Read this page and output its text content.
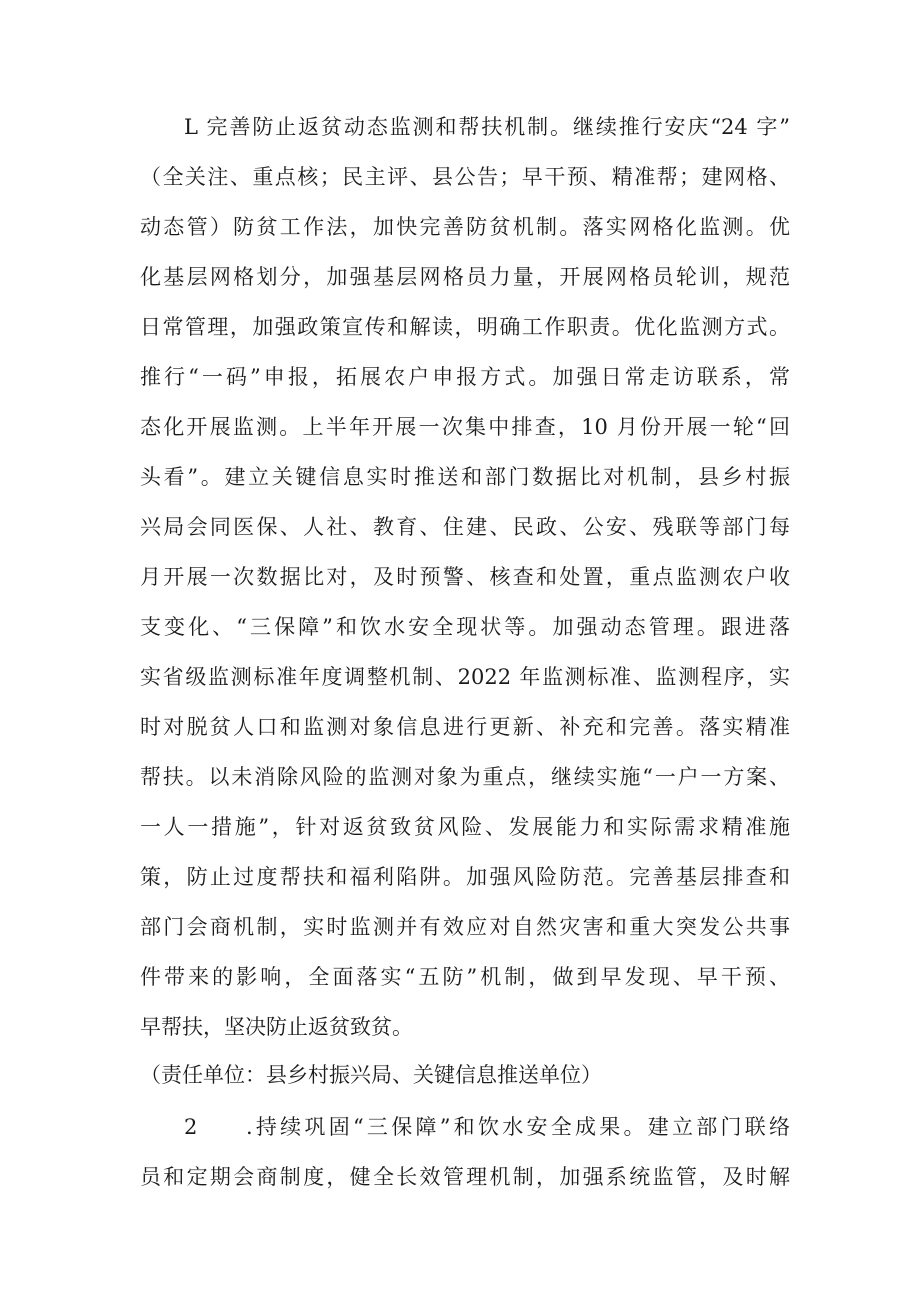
L 完善防止返贫动态监测和帮扶机制。继续推行安庆“24 字”
（全关注、重点核；民主评、县公告；早干预、精准帮；建网格、
动态管）防贫工作法，加快完善防贫机制。落实网格化监测。优
化基层网格划分，加强基层网格员力量，开展网格员轮训，规范
日常管理，加强政策宣传和解读，明确工作职责。优化监测方式。
推行“一码”申报，拓展农户申报方式。加强日常走访联系，常
态化开展监测。上半年开展一次集中排查，10 月份开展一轮“回
头看”。建立关键信息实时推送和部门数据比对机制，县乡村振
兴局会同医保、人社、教育、住建、民政、公安、残联等部门每
月开展一次数据比对，及时预警、核查和处置，重点监测农户收
支变化、“三保障”和饮水安全现状等。加强动态管理。跟进落
实省级监测标准年度调整机制、2022 年监测标准、监测程序，实
时对脱贫人口和监测对象信息进行更新、补充和完善。落实精准
帮扶。以未消除风险的监测对象为重点，继续实施“一户一方案、
一人一措施”，针对返贫致贫风险、发展能力和实际需求精准施
策，防止过度帮扶和福利陷阱。加强风险防范。完善基层排查和
部门会商机制，实时监测并有效应对自然灾害和重大突发公共事
件带来的影响，全面落实“五防”机制，做到早发现、早干预、
早帮扶，坚决防止返贫致贫。
（责任单位：县乡村振兴局、关键信息推送单位）
2 .持续巩固“三保障”和饮水安全成果。建立部门联络
员和定期会商制度，健全长效管理机制，加强系统监管，及时解
